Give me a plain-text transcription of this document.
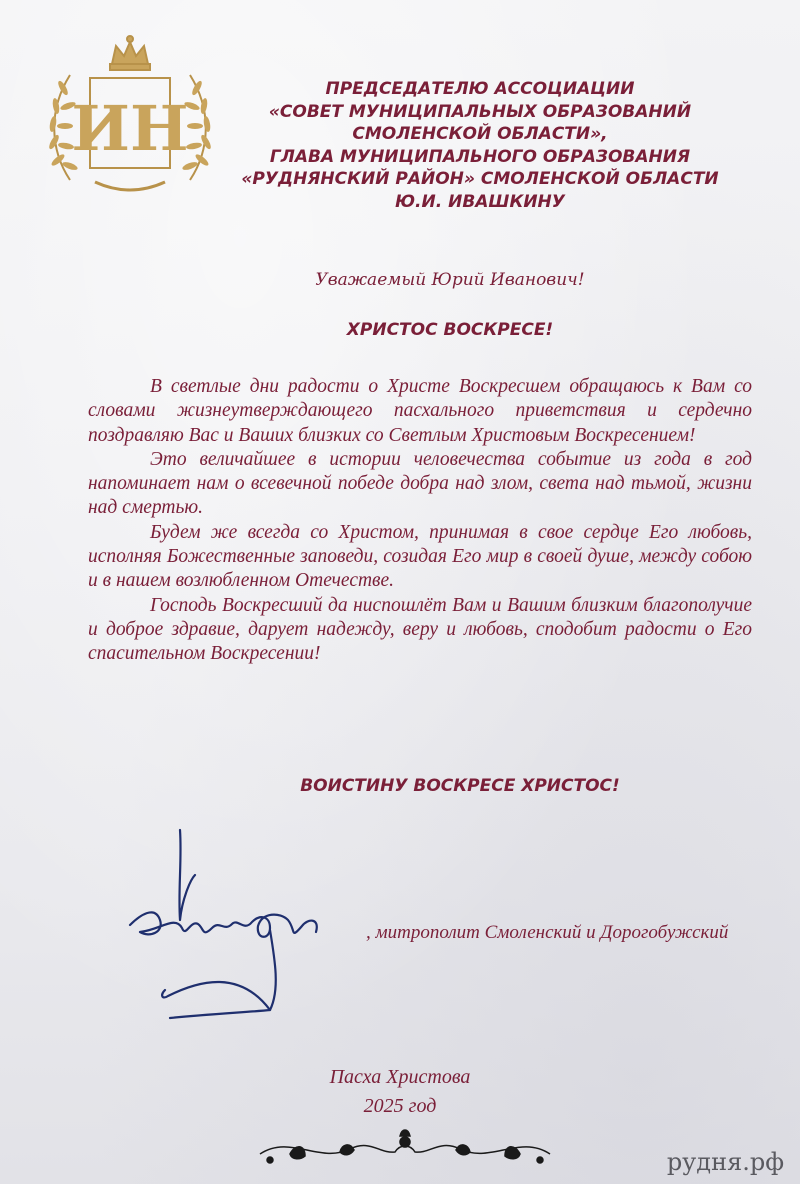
ИН
ПРЕДСЕДАТЕЛЮ АССОЦИАЦИИ
«СОВЕТ МУНИЦИПАЛЬНЫХ ОБРАЗОВАНИЙ
СМОЛЕНСКОЙ ОБЛАСТИ»,
ГЛАВА МУНИЦИПАЛЬНОГО ОБРАЗОВАНИЯ
«РУДНЯНСКИЙ РАЙОН» СМОЛЕНСКОЙ ОБЛАСТИ
Ю.И. ИВАШКИНУ
Уважаемый Юрий Иванович!
ХРИСТОС ВОСКРЕСЕ!

В светлые дни радости о Христе Воскресшем обращаюсь к Вам со словами жизнеутверждающего пасхального приветствия и сердечно поздравляю Вас и Ваших близких со Светлым Христовым Воскресением!

Это величайшее в истории человечества событие из года в год напоминает нам о всевечной победе добра над злом, света над тьмой, жизни над смертью.

Будем же всегда со Христом, принимая в свое сердце Его любовь, исполняя Божественные заповеди, созидая Его мир в своей душе, между собою и в нашем возлюбленном Отечестве.

Господь Воскресший да ниспошлёт Вам и Вашим близким благополучие и доброе здравие, дарует надежду, веру и любовь, сподобит радости о Его спасительном Воскресении!

ВОИСТИНУ ВОСКРЕСЕ ХРИСТОС!
, митрополит Смоленский и Дорогобужский
Пасха Христова
2025 год
рудня.рф
